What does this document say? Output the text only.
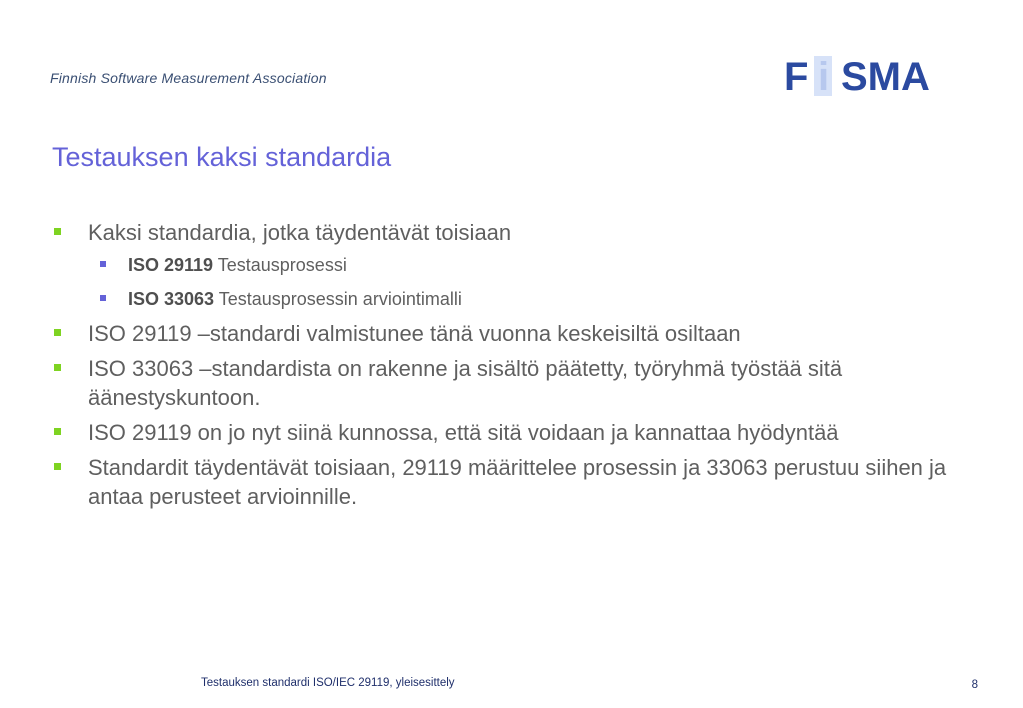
Finnish Software Measurement Association	F i SMA
Testauksen kaksi standardia
Kaksi standardia, jotka täydentävät toisiaan
ISO 29119 Testausprosessi
ISO 33063 Testausprosessin arviointimalli
ISO 29119 –standardi valmistunee tänä vuonna keskeisiltä osiltaan
ISO 33063 –standardista on rakenne ja sisältö päätetty, työryhmä työstää sitä äänestyskuntoon.
ISO 29119 on jo nyt siinä kunnossa, että sitä voidaan ja kannattaa hyödyntää
Standardit täydentävät toisiaan, 29119 määrittelee prosessin ja 33063 perustuu siihen ja antaa perusteet arvioinnille.
Testauksen standardi ISO/IEC 29119, yleisesittely	8
